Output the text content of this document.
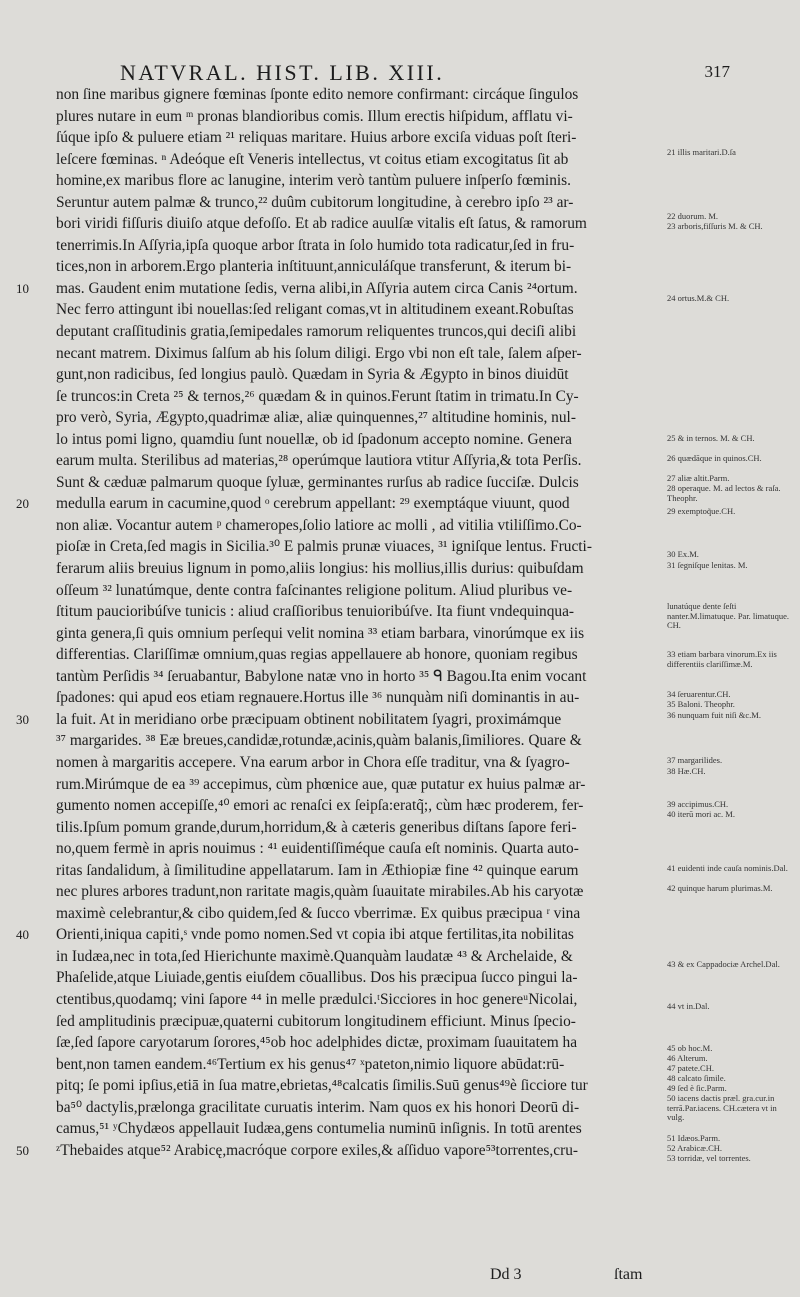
NATVRAL. HIST. LIB. XIII.	317
non ſine maribus gignere fœminas ſponte edito nemore confirmant: circáque ſingulos
plures nutare in eum ᵐ pronas blandioribus comis. Illum erectis hiſpidum, afflatu vi-
ſúque ipſo & puluere etiam ²¹ reliquas maritare. Huius arbore exciſa viduas poſt ſteri-
leſcere fœminas. ⁿ Adeóque eſt Veneris intellectus, vt coitus etiam excogitatus ſit ab
homine,ex maribus flore ac lanugine, interim verò tantùm puluere inſperſo fœminis.
Seruntur autem palmæ & trunco,²² duûm cubitorum longitudine, à cerebro ipſo ²³ ar-
bori viridi fiſſuris diuiſo atque defoſſo. Et ab radice auulſæ vitalis eſt ſatus, & ramorum
tenerrimis.In Aſſyria,ipſa quoque arbor ſtrata in ſolo humido tota radicatur,ſed in fru-
tices,non in arborem.Ergo planteria inſtituunt,anniculáſque transferunt, & iterum bi-
10	mas. Gaudent enim mutatione ſedis, verna alibi,in Aſſyria autem circa Canis ²⁴ortum.
Nec ferro attingunt ibi nouellas:ſed religant comas,vt in altitudinem exeant.Robuſtas
deputant craſſitudinis gratia,ſemipedales ramorum reliquentes truncos,qui deciſi alibi
necant matrem. Diximus ſalſum ab his ſolum diligi. Ergo vbi non eſt tale, ſalem aſper-
gunt,non radicibus, ſed longius paulò. Quædam in Syria & Ægypto in binos diuidūt
ſe truncos:in Creta ²⁵ & ternos,²⁶ quædam & in quinos.Ferunt ſtatim in trimatu.In Cy-
pro verò, Syria, Ægypto,quadrimæ aliæ, aliæ quinquennes,²⁷ altitudine hominis, nul-
lo intus pomi ligno, quamdiu ſunt nouellæ, ob id ſpadonum accepto nomine. Genera
earum multa. Sterilibus ad materias,²⁸ operúmque lautiora vtitur Aſſyria,& tota Perſis.
Sunt & cæduæ palmarum quoque ſyluæ, germinantes rurſus ab radice ſucciſæ. Dulcis
20	medulla earum in cacumine,quod ᵒ cerebrum appellant: ²⁹ exemptáque viuunt, quod
non aliæ. Vocantur autem ᵖ chameropes,ſolio latiore ac molli , ad vitilia vtiliſſimo.Co-
pioſæ in Creta,ſed magis in Sicilia.³⁰ E palmis prunæ viuaces, ³¹ igniſque lentus. Fructi-
ferarum aliis breuius lignum in pomo,aliis longius: his mollius,illis durius: quibuſdam
oſſeum ³² lunatúmque, dente contra faſcinantes religione politum. Aliud pluribus ve-
ſtitum paucioribúſve tunicis : aliud craſſioribus tenuioribúſve. Ita fiunt vndequinqua-
ginta genera,ſi quis omnium perſequi velit nomina ³³ etiam barbara, vinorúmque ex iis
differentias. Clariſſimæ omnium,quas regias appellauere ab honore, quoniam regibus
tantùm Perſidis ³⁴ ſeruabantur, Babylone natæ vno in horto ³⁵ ᑫ Bagou.Ita enim vocant
ſpadones: qui apud eos etiam regnauere.Hortus ille ³⁶ nunquàm niſi dominantis in au-
30	la fuit. At in meridiano orbe præcipuam obtinent nobilitatem ſyagri, proximámque
³⁷ margarides. ³⁸ Eæ breues,candidæ,rotundæ,acinis,quàm balanis,ſimiliores. Quare &
nomen à margaritis accepere. Vna earum arbor in Chora eſſe traditur, vna & ſyagro-
rum.Mirúmque de ea ³⁹ accepimus, cùm phœnice aue, quæ putatur ex huius palmæ ar-
gumento nomen accepiſſe,⁴⁰ emori ac renaſci ex ſeipſa:eratq̃;, cùm hæc proderem, fer-
tilis.Ipſum pomum grande,durum,horridum,& à cæteris generibus diſtans ſapore feri-
no,quem fermè in apris nouimus : ⁴¹ euidentiſſiméque cauſa eſt nominis. Quarta auto-
ritas ſandalidum, à ſimilitudine appellatarum. Iam in Æthiopiæ fine ⁴² quinque earum
nec plures arbores tradunt,non raritate magis,quàm ſuauitate mirabiles.Ab his caryotæ
maximè celebrantur,& cibo quidem,ſed & ſucco vberrimæ. Ex quibus præcipua ʳ vina
40	Orienti,iniqua capiti,ˢ vnde pomo nomen.Sed vt copia ibi atque fertilitas,ita nobilitas
in Iudæa,nec in tota,ſed Hierichunte maximè.Quanquàm laudatæ ⁴³ & Archelaide, &
Phaſelide,atque Liuiade,gentis eiuſdem cōuallibus. Dos his præcipua ſucco pingui la-
ctentibus,quodamq; vini ſapore ⁴⁴ in melle prædulci.ᵗSicciores in hoc genereᵘNicolai,
ſed amplitudinis præcipuæ,quaterni cubitorum longitudinem efficiunt. Minus ſpecio-
ſæ,ſed ſapore caryotarum ſorores,⁴⁵ob hoc adelphides dictæ, proximam ſuauitatem ha
bent,non tamen eandem.⁴⁶Tertium ex his genus⁴⁷ ˣpateton,nimio liquore abūdat:rū-
pitq; ſe pomi ipſius,etiā in ſua matre,ebrietas,⁴⁸calcatis ſimilis.Suū genus⁴⁹è ſicciore tur
ba⁵⁰ dactylis,prælonga gracilitate curuatis interim. Nam quos ex his honori Deorū di-
camus,⁵¹ ʸChydæos appellauit Iudæa,gens contumelia numinū inſignis. In totū arentes
50	ᶻThebaides atque⁵² Arabicę,macróque corpore exiles,& aſſiduo vapore⁵³torrentes,cru-
21 illis maritari.D.ſa
22 duorum. M.
23 arboris,fiſſuris M. & CH.
24 ortus.M.& CH.
25 & in ternos. M. & CH.
26 quædāque in quinos.CH.
27 aliæ altit.Parm.
28 operaque. M. ad lectos & raſa. Theophr.
29 exemptoq̃ue.CH.
30 Ex.M.
31 ſegniſque lenitas. M.
lunatúque dente ſeſti nanter.M.limatuque. Par. limatuque. CH.
33 etiam barbara vinorum.Ex iis differentiis clariſſimæ.M.
34 ſeruarentur.CH.
35 Baloni. Theophr.
36 nunquam fuit niſi &c.M.
37 margarilides.
38 Hæ.CH.
39 accipimus.CH.
40 iterū mori ac. M.
41 euidenti inde cauſa nominis.Dal.
42 quinque harum plurimas.M.
43 & ex Cappadociæ Archel.Dal.
44 vt in.Dal.
45 ob hoc.M.
46 Alterum.
47 patete.CH.
48 calcato ſimile.
49 ſed è ſic.Parm.
50 iacens dactis præl. gra.cur.in terrā.Par.iacens. CH.cætera vt in vulg.
51 Idæos.Parm.
52 Arabicæ.CH.
53 torridæ, vel torrentes.
Dd 3	ſtam
